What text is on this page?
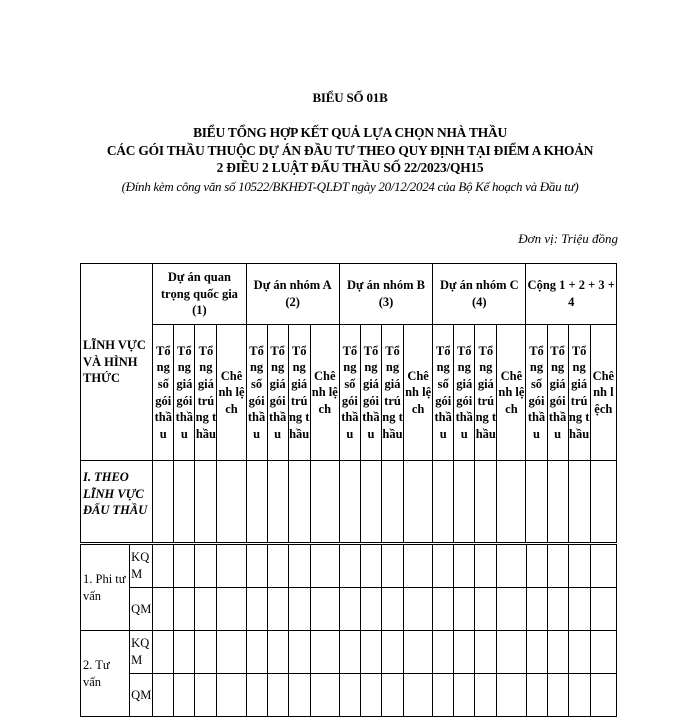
BIỂU SỐ 01B
BIỂU TỔNG HỢP KẾT QUẢ LỰA CHỌN NHÀ THẦU
CÁC GÓI THẦU THUỘC DỰ ÁN ĐẦU TƯ THEO QUY ĐỊNH TẠI ĐIỂM A KHOẢN
2 ĐIỀU 2 LUẬT ĐẤU THẦU SỐ 22/2023/QH15
(Đính kèm công văn số 10522/BKHĐT-QLĐT ngày 20/12/2024 của Bộ Kế hoạch và Đầu tư)
Đơn vị: Triệu đồng
LĨNH VỰC VÀ HÌNH THỨC	Dự án quan trọng quốc gia (1)				Dự án nhóm A (2)				Dự án nhóm B (3)				Dự án nhóm C (4)				Cộng 1 + 2 + 3 + 4			
	Tổng số gói thầu	Tổng giá gói thầu	Tổng giá trúng thầu	Chênh lệch	Tổng số gói thầu	Tổng giá gói thầu	Tổng giá trúng thầu	Chênh lệch	Tổng số gói thầu	Tổng giá gói thầu	Tổng giá trúng thầu	Chênh lệch	Tổng số gói thầu	Tổng giá gói thầu	Tổng giá trúng thầu	Chênh lệch	Tổng số gói thầu	Tổng giá gói thầu	Tổng giá trúng thầu	Chênh lệch
I. THEO LĨNH VỰC ĐẤU THẦU																				
1. Phi tư vấn	KQM																				
	QM																				
2. Tư vấn	KQM																				
	QM																				
